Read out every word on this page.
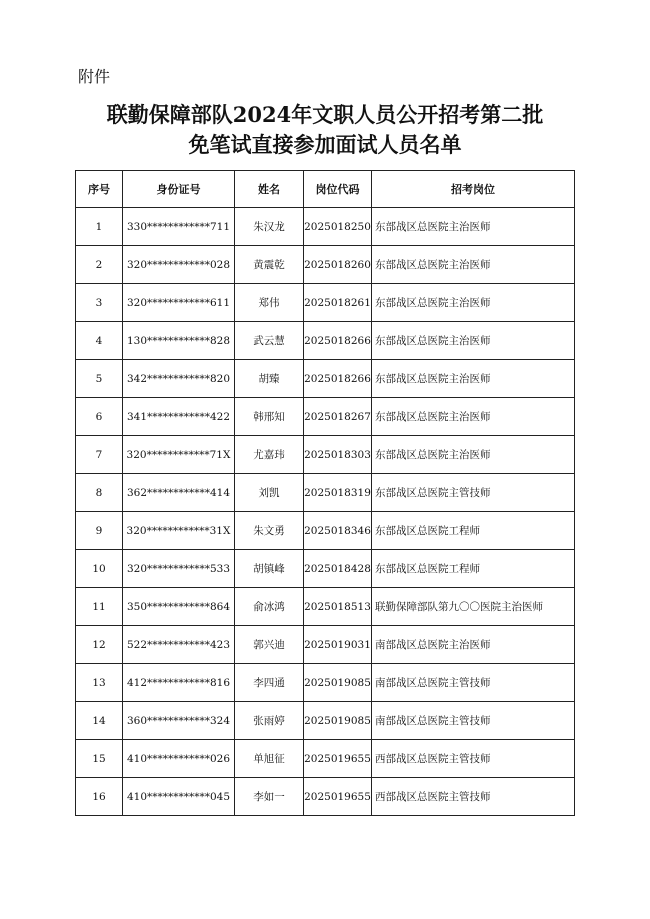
附件
联勤保障部队2024年文职人员公开招考第二批
免笔试直接参加面试人员名单
序号	身份证号	姓名	岗位代码	招考岗位
1	330************711	朱汉龙	2025018250	东部战区总医院主治医师
2	320************028	黄震乾	2025018260	东部战区总医院主治医师
3	320************611	郑伟	2025018261	东部战区总医院主治医师
4	130************828	武云慧	2025018266	东部战区总医院主治医师
5	342************820	胡臻	2025018266	东部战区总医院主治医师
6	341************422	韩邢知	2025018267	东部战区总医院主治医师
7	320************71X	尤嘉玮	2025018303	东部战区总医院主治医师
8	362************414	刘凯	2025018319	东部战区总医院主管技师
9	320************31X	朱文勇	2025018346	东部战区总医院工程师
10	320************533	胡镇峰	2025018428	东部战区总医院工程师
11	350************864	俞冰鸿	2025018513	联勤保障部队第九〇〇医院主治医师
12	522************423	郭兴迪	2025019031	南部战区总医院主治医师
13	412************816	李四通	2025019085	南部战区总医院主管技师
14	360************324	张雨婷	2025019085	南部战区总医院主管技师
15	410************026	单旭征	2025019655	西部战区总医院主管技师
16	410************045	李如一	2025019655	西部战区总医院主管技师
